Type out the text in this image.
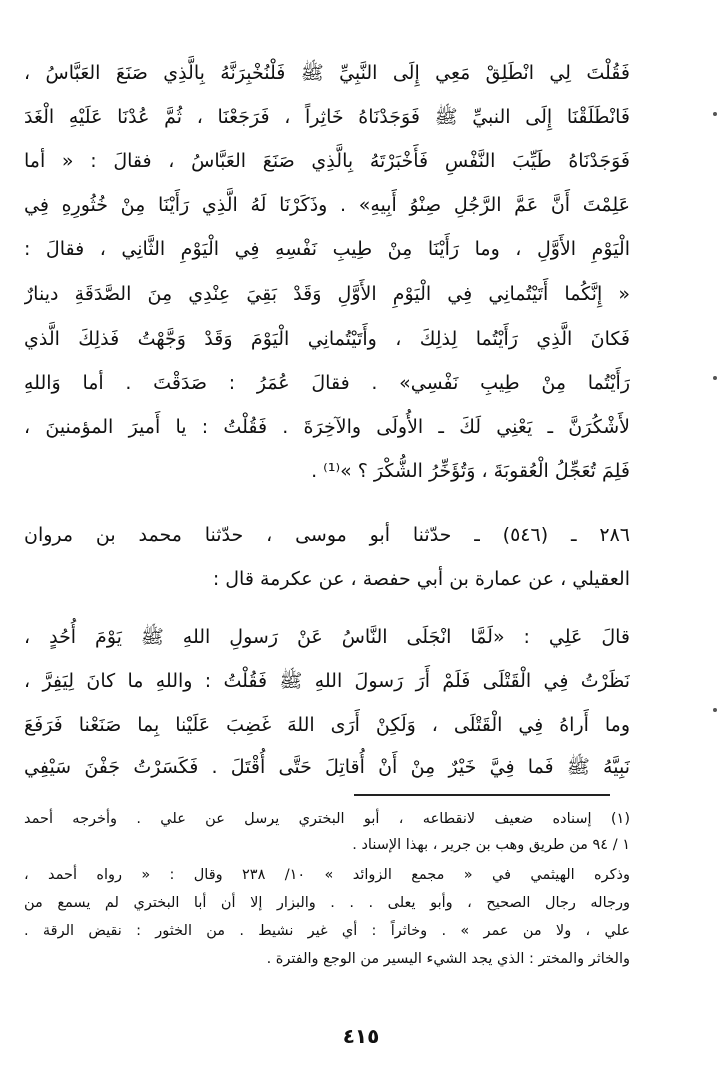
فَقُلْتَ لِي انْطَلِقْ مَعِي إِلَى النَّبِيِّ ﷺ فَلْنُخْبِرَنَّهُ بِالَّذِي صَنَعَ العَبَّاسُ ،
فَانْطَلَقْنَا إِلَى النبيِّ ﷺ فَوَجَدْنَاهُ خَاثِراً ، فَرَجَعْنَا ، ثُمَّ عُدْنَا عَلَيْهِ الْغَدَ
فَوَجَدْنَاهُ طَيِّبَ النَّفْسِ فَأَخْبَرْتَهُ بِالَّذِي صَنَعَ العَبَّاسُ ، فقالَ : « أما
عَلِمْتَ أَنَّ عَمَّ الرَّجُلِ صِنْوُ أَبِيهِ» . وذَكَرْنَا لَهُ الَّذِي رَأَيْنَا مِنْ خُثُورِهِ فِي
الْيَوْمِ الأَوَّلِ ، وما رَأَيْنَا مِنْ طِيبِ نَفْسِهِ فِي الْيَوْمِ الثَّانِي ، فقالَ :
« إِنَّكُما أَتَيْتُمانِي فِي الْيَوْمِ الأَوَّلِ وَقَدْ بَقِيَ عِنْدِي مِنَ الصَّدَقَةِ دينارٌ
فَكانَ الَّذِي رَأَيْتُما لِذلِكَ ، وأَتَيْتُمانِي الْيَوْمَ وَقَدْ وَجَّهْتُ فَذلِكَ الَّذي
رَأَيْتُما مِنْ طِيبِ نَفْسِي» . فقالَ عُمَرُ : صَدَقْتَ . أما وَاللهِ
لأَشْكُرَنَّ ـ يَعْنِي لَكَ ـ الأُولَى والآخِرَةَ . فَقُلْتُ : يا أَميرَ المؤمنينَ ،
فَلِمَ تُعَجِّلُ الْعُقوبَةَ ، وَتُؤَخِّرُ الشُّكْرَ ؟ »⁽¹⁾ .
٢٨٦ ـ (٥٤٦) ـ حدّثنا أبو موسى ، حدّثنا محمد بن مروان
العقيلي ، عن عمارة بن أبي حفصة ، عن عكرمة قال :
قالَ عَلِي : «لَمَّا انْجَلَى النَّاسُ عَنْ رَسولِ اللهِ ﷺ يَوْمَ أُحُدٍ ،
نَظَرْتُ فِي الْقَتْلَى فَلَمْ أَرَ رَسولَ اللهِ ﷺ فَقُلْتُ : واللهِ ما كانَ لِيَفِرَّ ،
وما أَراهُ فِي الْقَتْلَى ، وَلَكِنْ أَرَى اللهَ غَضِبَ عَلَيْنا بِما صَنَعْنا فَرَفَعَ
نَبِيَّهُ ﷺ فَما فِيَّ خَيْرٌ مِنْ أَنْ أُقاتِلَ حَتَّى أُقْتَلَ . فَكَسَرْتُ جَفْنَ سَيْفِي
(١) إسناده ضعيف لانقطاعه ، أبو البختري يرسل عن علي . وأخرجه أحمد
١ / ٩٤ من طريق وهب بن جرير ، بهذا الإسناد .
وذكره الهيثمي في « مجمع الزوائد » ١٠/ ٢٣٨ وقال : « رواه أحمد ،
ورجاله رجال الصحيح ، وأبو يعلى . . . والبزار إلا أن أبا البختري لم يسمع من
علي ، ولا من عمر » . وخاثراً : أي غير نشيط . من الخثور : نقيض الرقة .
والخاثر والمختر : الذي يجد الشيء اليسير من الوجع والفترة .
٤١٥
